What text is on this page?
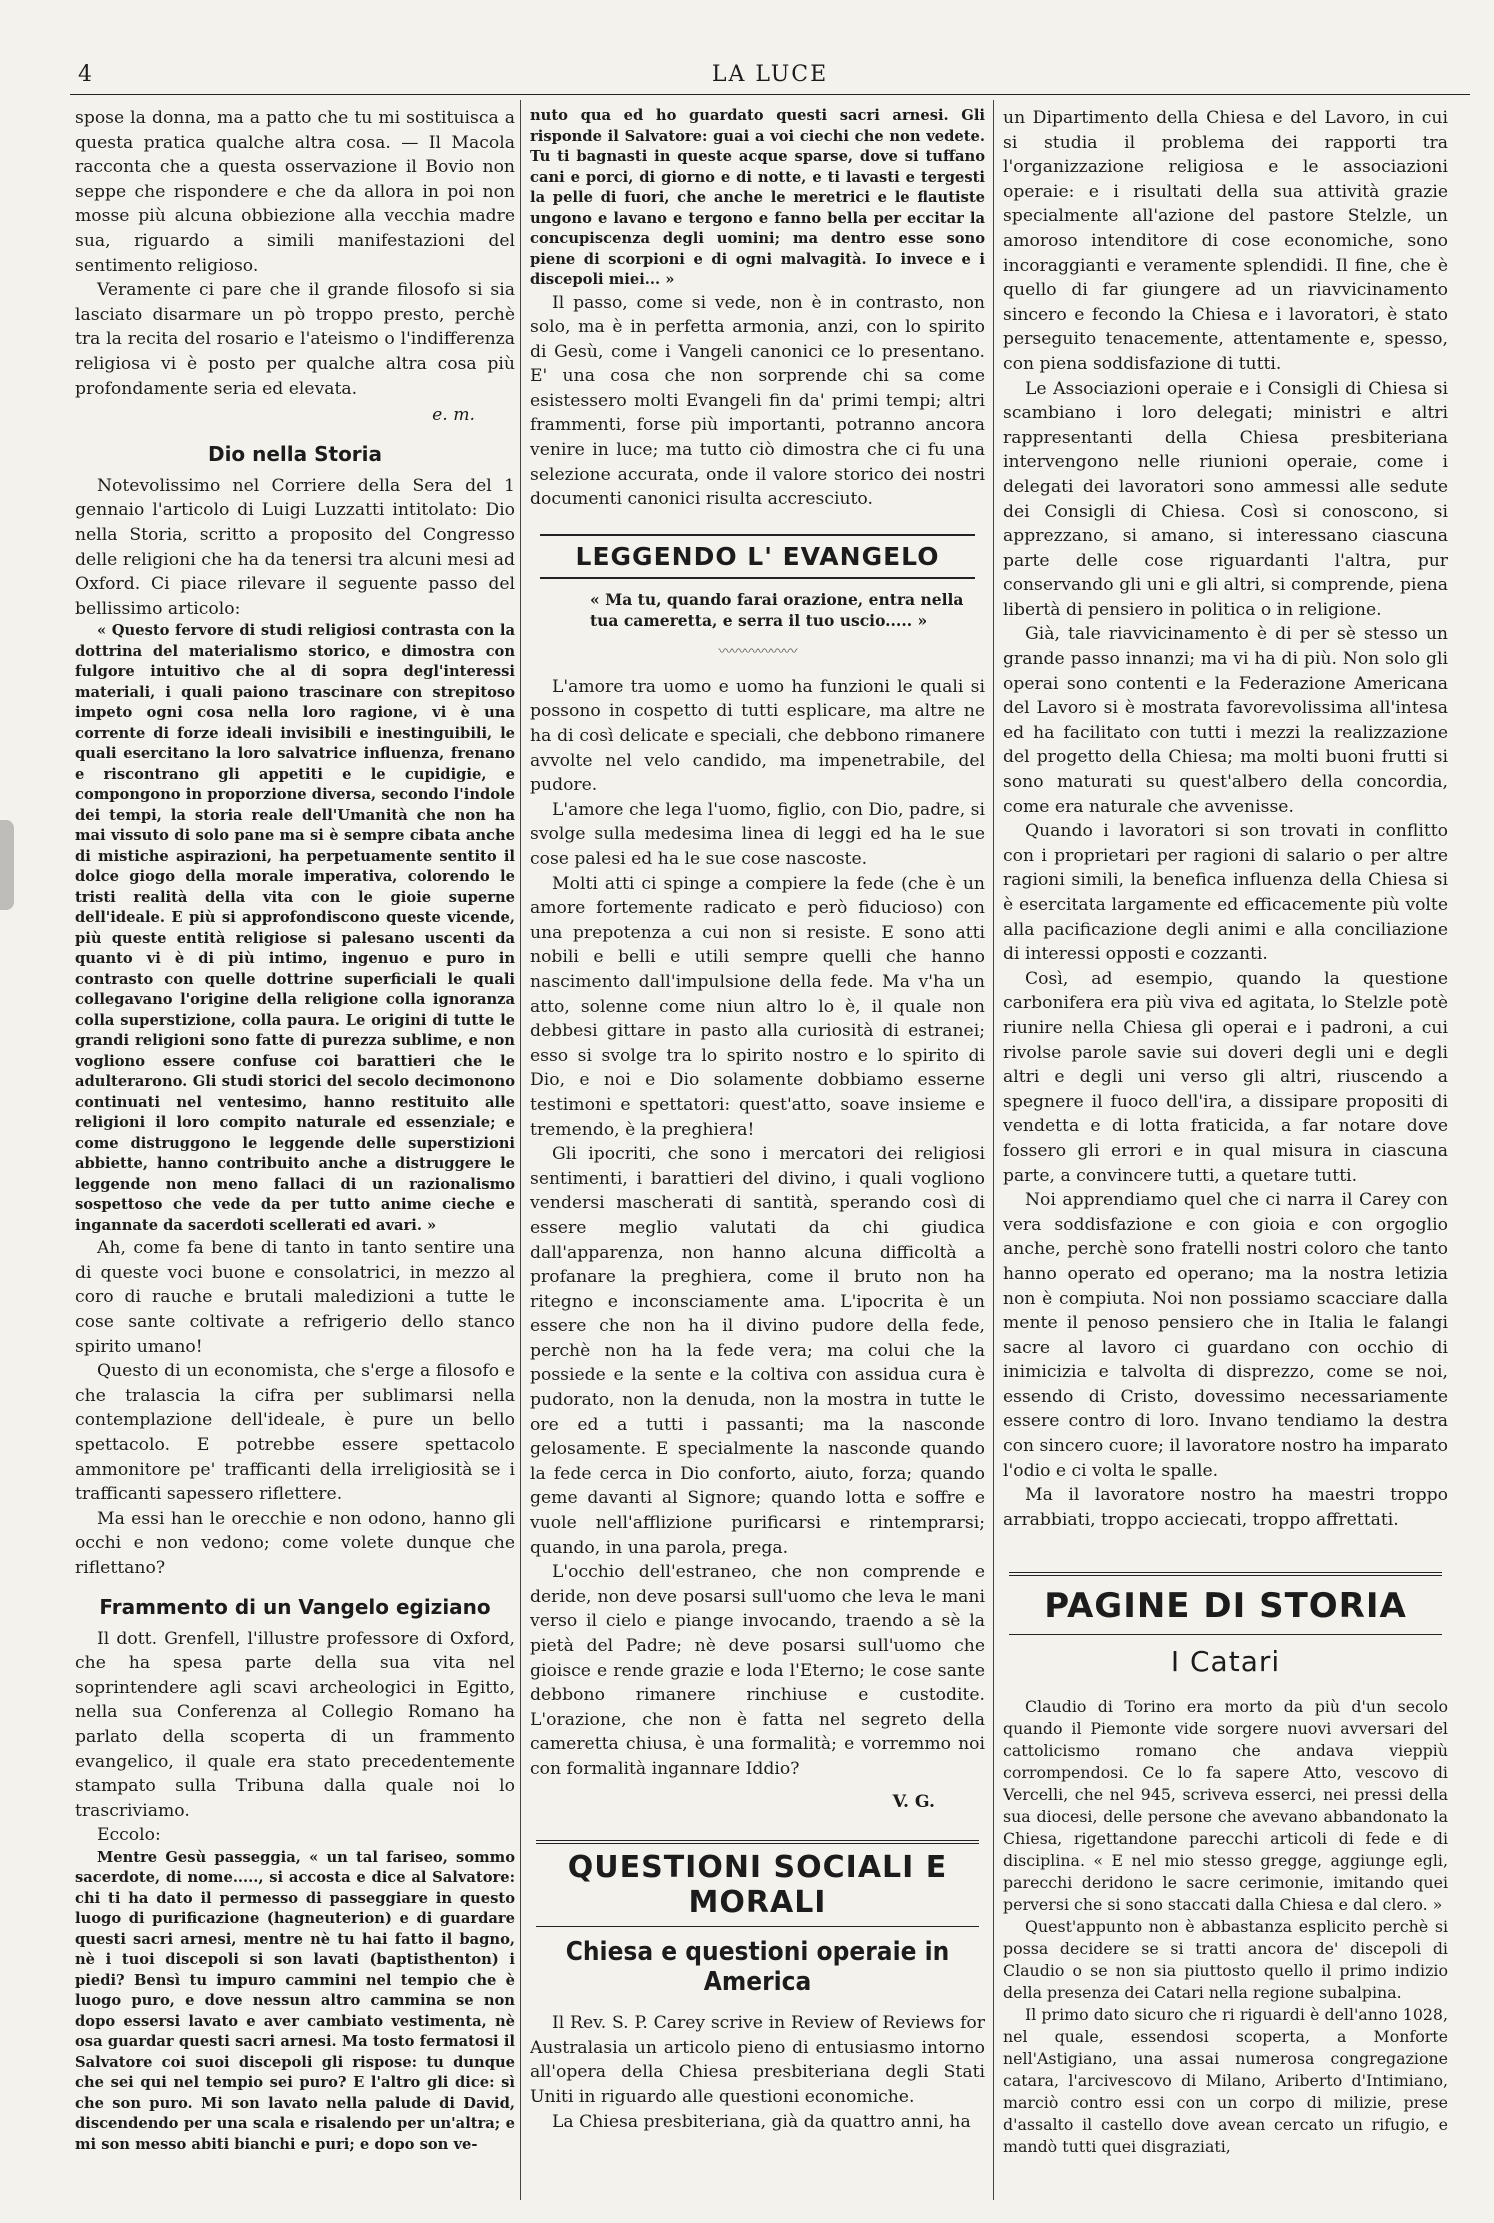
4	LA LUCE

spose la donna, ma a patto che tu mi sostituisca a questa pratica qualche altra cosa. — Il Macola racconta che a questa osservazione il Bovio non seppe che rispondere e che da allora in poi non mosse più alcuna obbiezione alla vecchia madre sua, riguardo a simili manifestazioni del sentimento religioso.

Veramente ci pare che il grande filosofo si sia lasciato disarmare un pò troppo presto, perchè tra la recita del rosario e l'ateismo o l'indifferenza religiosa vi è posto per qualche altra cosa più profondamente seria ed elevata.

e. m.

Dio nella Storia

Notevolissimo nel Corriere della Sera del 1 gennaio l'articolo di Luigi Luzzatti intitolato: Dio nella Storia, scritto a proposito del Congresso delle religioni che ha da tenersi tra alcuni mesi ad Oxford. Ci piace rilevare il seguente passo del bellissimo articolo:

« Questo fervore di studi religiosi contrasta con la dottrina del materialismo storico, e dimostra con fulgore intuitivo che al di sopra degl'interessi materiali, i quali paiono trascinare con strepitoso impeto ogni cosa nella loro ragione, vi è una corrente di forze ideali invisibili e inestinguibili, le quali esercitano la loro salvatrice influenza, frenano e riscontrano gli appetiti e le cupidigie, e compongono in proporzione diversa, secondo l'indole dei tempi, la storia reale dell'Umanità che non ha mai vissuto di solo pane ma si è sempre cibata anche di mistiche aspirazioni, ha perpetuamente sentito il dolce giogo della morale imperativa, colorendo le tristi realità della vita con le gioie superne dell'ideale. E più si approfondiscono queste vicende, più queste entità religiose si palesano uscenti da quanto vi è di più intimo, ingenuo e puro in contrasto con quelle dottrine superficiali le quali collegavano l'origine della religione colla ignoranza colla superstizione, colla paura. Le origini di tutte le grandi religioni sono fatte di purezza sublime, e non vogliono essere confuse coi barattieri che le adulterarono. Gli studi storici del secolo decimonono continuati nel ventesimo, hanno restituito alle religioni il loro compito naturale ed essenziale; e come distruggono le leggende delle superstizioni abbiette, hanno contribuito anche a distruggere le leggende non meno fallaci di un razionalismo sospettoso che vede da per tutto anime cieche e ingannate da sacerdoti scellerati ed avari. »

Ah, come fa bene di tanto in tanto sentire una di queste voci buone e consolatrici, in mezzo al coro di rauche e brutali maledizioni a tutte le cose sante coltivate a refrigerio dello stanco spirito umano!

Questo di un economista, che s'erge a filosofo e che tralascia la cifra per sublimarsi nella contemplazione dell'ideale, è pure un bello spettacolo. E potrebbe essere spettacolo ammonitore pe' trafficanti della irreligiosità se i trafficanti sapessero riflettere.

Ma essi han le orecchie e non odono, hanno gli occhi e non vedono; come volete dunque che riflettano?

Frammento di un Vangelo egiziano

Il dott. Grenfell, l'illustre professore di Oxford, che ha spesa parte della sua vita nel soprintendere agli scavi archeologici in Egitto, nella sua Conferenza al Collegio Romano ha parlato della scoperta di un frammento evangelico, il quale era stato precedentemente stampato sulla Tribuna dalla quale noi lo trascriviamo.

Eccolo:

Mentre Gesù passeggia, « un tal fariseo, sommo sacerdote, di nome....., si accosta e dice al Salvatore: chi ti ha dato il permesso di passeggiare in questo luogo di purificazione (hagneuterion) e di guardare questi sacri arnesi, mentre nè tu hai fatto il bagno, nè i tuoi discepoli si son lavati (baptisthenton) i piedi? Bensì tu impuro cammini nel tempio che è luogo puro, e dove nessun altro cammina se non dopo essersi lavato e aver cambiato vestimenta, nè osa guardar questi sacri arnesi. Ma tosto fermatosi il Salvatore coi suoi discepoli gli rispose: tu dunque che sei qui nel tempio sei puro? E l'altro gli dice: sì che son puro. Mi son lavato nella palude di David, discendendo per una scala e risalendo per un'altra; e mi son messo abiti bianchi e puri; e dopo son ve-

nuto qua ed ho guardato questi sacri arnesi. Gli risponde il Salvatore: guai a voi ciechi che non vedete. Tu ti bagnasti in queste acque sparse, dove si tuffano cani e porci, di giorno e di notte, e ti lavasti e tergesti la pelle di fuori, che anche le meretrici e le flautiste ungono e lavano e tergono e fanno bella per eccitar la concupiscenza degli uomini; ma dentro esse sono piene di scorpioni e di ogni malvagità. Io invece e i discepoli miei... »

Il passo, come si vede, non è in contrasto, non solo, ma è in perfetta armonia, anzi, con lo spirito di Gesù, come i Vangeli canonici ce lo presentano. E' una cosa che non sorprende chi sa come esistessero molti Evangeli fin da' primi tempi; altri frammenti, forse più importanti, potranno ancora venire in luce; ma tutto ciò dimostra che ci fu una selezione accurata, onde il valore storico dei nostri documenti canonici risulta accresciuto.

LEGGENDO L' EVANGELO

« Ma tu, quando farai orazione, entra nella tua cameretta, e serra il tuo uscio..... »

〰〰〰〰〰〰

L'amore tra uomo e uomo ha funzioni le quali si possono in cospetto di tutti esplicare, ma altre ne ha di così delicate e speciali, che debbono rimanere avvolte nel velo candido, ma impenetrabile, del pudore.

L'amore che lega l'uomo, figlio, con Dio, padre, si svolge sulla medesima linea di leggi ed ha le sue cose palesi ed ha le sue cose nascoste.

Molti atti ci spinge a compiere la fede (che è un amore fortemente radicato e però fiducioso) con una prepotenza a cui non si resiste. E sono atti nobili e belli e utili sempre quelli che hanno nascimento dall'impulsione della fede. Ma v'ha un atto, solenne come niun altro lo è, il quale non debbesi gittare in pasto alla curiosità di estranei; esso si svolge tra lo spirito nostro e lo spirito di Dio, e noi e Dio solamente dobbiamo esserne testimoni e spettatori: quest'atto, soave insieme e tremendo, è la preghiera!

Gli ipocriti, che sono i mercatori dei religiosi sentimenti, i barattieri del divino, i quali vogliono vendersi mascherati di santità, sperando così di essere meglio valutati da chi giudica dall'apparenza, non hanno alcuna difficoltà a profanare la preghiera, come il bruto non ha ritegno e inconsciamente ama. L'ipocrita è un essere che non ha il divino pudore della fede, perchè non ha la fede vera; ma colui che la possiede e la sente e la coltiva con assidua cura è pudorato, non la denuda, non la mostra in tutte le ore ed a tutti i passanti; ma la nasconde gelosamente. E specialmente la nasconde quando la fede cerca in Dio conforto, aiuto, forza; quando geme davanti al Signore; quando lotta e soffre e vuole nell'afflizione purificarsi e rintemprarsi; quando, in una parola, prega.

L'occhio dell'estraneo, che non comprende e deride, non deve posarsi sull'uomo che leva le mani verso il cielo e piange invocando, traendo a sè la pietà del Padre; nè deve posarsi sull'uomo che gioisce e rende grazie e loda l'Eterno; le cose sante debbono rimanere rinchiuse e custodite. L'orazione, che non è fatta nel segreto della cameretta chiusa, è una formalità; e vorremmo noi con formalità ingannare Iddio?

V. G.

QUESTIONI SOCIALI E MORALI
Chiesa e questioni operaie in America

Il Rev. S. P. Carey scrive in Review of Reviews for Australasia un articolo pieno di entusiasmo intorno all'opera della Chiesa presbiteriana degli Stati Uniti in riguardo alle questioni economiche.

La Chiesa presbiteriana, già da quattro anni, ha

un Dipartimento della Chiesa e del Lavoro, in cui si studia il problema dei rapporti tra l'organizzazione religiosa e le associazioni operaie: e i risultati della sua attività grazie specialmente all'azione del pastore Stelzle, un amoroso intenditore di cose economiche, sono incoraggianti e veramente splendidi. Il fine, che è quello di far giungere ad un riavvicinamento sincero e fecondo la Chiesa e i lavoratori, è stato perseguito tenacemente, attentamente e, spesso, con piena soddisfazione di tutti.

Le Associazioni operaie e i Consigli di Chiesa si scambiano i loro delegati; ministri e altri rappresentanti della Chiesa presbiteriana intervengono nelle riunioni operaie, come i delegati dei lavoratori sono ammessi alle sedute dei Consigli di Chiesa. Così si conoscono, si apprezzano, si amano, si interessano ciascuna parte delle cose riguardanti l'altra, pur conservando gli uni e gli altri, si comprende, piena libertà di pensiero in politica o in religione.

Già, tale riavvicinamento è di per sè stesso un grande passo innanzi; ma vi ha di più. Non solo gli operai sono contenti e la Federazione Americana del Lavoro si è mostrata favorevolissima all'intesa ed ha facilitato con tutti i mezzi la realizzazione del progetto della Chiesa; ma molti buoni frutti si sono maturati su quest'albero della concordia, come era naturale che avvenisse.

Quando i lavoratori si son trovati in conflitto con i proprietari per ragioni di salario o per altre ragioni simili, la benefica influenza della Chiesa si è esercitata largamente ed efficacemente più volte alla pacificazione degli animi e alla conciliazione di interessi opposti e cozzanti.

Così, ad esempio, quando la questione carbonifera era più viva ed agitata, lo Stelzle potè riunire nella Chiesa gli operai e i padroni, a cui rivolse parole savie sui doveri degli uni e degli altri e degli uni verso gli altri, riuscendo a spegnere il fuoco dell'ira, a dissipare propositi di vendetta e di lotta fraticida, a far notare dove fossero gli errori e in qual misura in ciascuna parte, a convincere tutti, a quetare tutti.

Noi apprendiamo quel che ci narra il Carey con vera soddisfazione e con gioia e con orgoglio anche, perchè sono fratelli nostri coloro che tanto hanno operato ed operano; ma la nostra letizia non è compiuta. Noi non possiamo scacciare dalla mente il penoso pensiero che in Italia le falangi sacre al lavoro ci guardano con occhio di inimicizia e talvolta di disprezzo, come se noi, essendo di Cristo, dovessimo necessariamente essere contro di loro. Invano tendiamo la destra con sincero cuore; il lavoratore nostro ha imparato l'odio e ci volta le spalle.

Ma il lavoratore nostro ha maestri troppo arrabbiati, troppo acciecati, troppo affrettati.

PAGINE DI STORIA
I Catari

Claudio di Torino era morto da più d'un secolo quando il Piemonte vide sorgere nuovi avversari del cattolicismo romano che andava vieppiù corrompendosi. Ce lo fa sapere Atto, vescovo di Vercelli, che nel 945, scriveva esserci, nei pressi della sua diocesi, delle persone che avevano abbandonato la Chiesa, rigettandone parecchi articoli di fede e di disciplina. « E nel mio stesso gregge, aggiunge egli, parecchi deridono le sacre cerimonie, imitando quei perversi che si sono staccati dalla Chiesa e dal clero. »

Quest'appunto non è abbastanza esplicito perchè si possa decidere se si tratti ancora de' discepoli di Claudio o se non sia piuttosto quello il primo indizio della presenza dei Catari nella regione subalpina.

Il primo dato sicuro che ri riguardi è dell'anno 1028, nel quale, essendosi scoperta, a Monforte nell'Astigiano, una assai numerosa congregazione catara, l'arcivescovo di Milano, Ariberto d'Intimiano, marciò contro essi con un corpo di milizie, prese d'assalto il castello dove avean cercato un rifugio, e mandò tutti quei disgraziati,
